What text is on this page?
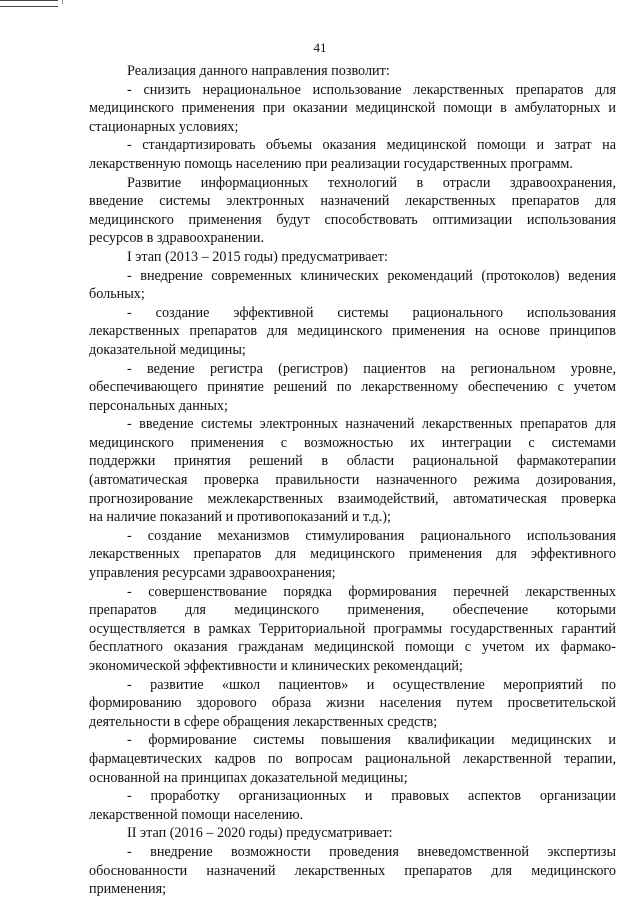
41

Реализация данного направления позволит:

- снизить нерациональное использование лекарственных препаратов для

медицинского применения при оказании медицинской помощи в амбулаторных и

стационарных условиях;

- стандартизировать объемы оказания медицинской помощи и затрат на

лекарственную помощь населению при реализации государственных программ.

Развитие информационных технологий в отрасли здравоохранения,

введение системы электронных назначений лекарственных препаратов для

медицинского применения будут способствовать оптимизации использования

ресурсов в здравоохранении.

I этап (2013 – 2015 годы) предусматривает:

- внедрение современных клинических рекомендаций (протоколов) ведения

больных;

- создание эффективной системы рационального использования

лекарственных препаратов для медицинского применения на основе принципов

доказательной медицины;

- ведение регистра (регистров) пациентов на региональном уровне,

обеспечивающего принятие решений по лекарственному обеспечению с учетом

персональных данных;

- введение системы электронных назначений лекарственных препаратов для

медицинского применения с возможностью их интеграции с системами

поддержки принятия решений в области рациональной фармакотерапии

(автоматическая проверка правильности назначенного режима дозирования,

прогнозирование межлекарственных взаимодействий, автоматическая проверка

на наличие показаний и противопоказаний и т.д.);

- создание механизмов стимулирования рационального использования

лекарственных препаратов для медицинского применения для эффективного

управления ресурсами здравоохранения;

- совершенствование порядка формирования перечней лекарственных

препаратов для медицинского применения, обеспечение которыми

осуществляется в рамках Территориальной программы государственных гарантий

бесплатного оказания гражданам медицинской помощи с учетом их фармако-

экономической эффективности и клинических рекомендаций;

- развитие «школ пациентов» и осуществление мероприятий по

формированию здорового образа жизни населения путем просветительской

деятельности в сфере обращения лекарственных средств;

- формирование системы повышения квалификации медицинских и

фармацевтических кадров по вопросам рациональной лекарственной терапии,

основанной на принципах доказательной медицины;

- проработку организационных и правовых аспектов организации

лекарственной помощи населению.

II этап (2016 – 2020 годы) предусматривает:

- внедрение возможности проведения вневедомственной экспертизы

обоснованности назначений лекарственных препаратов для медицинского

применения;
